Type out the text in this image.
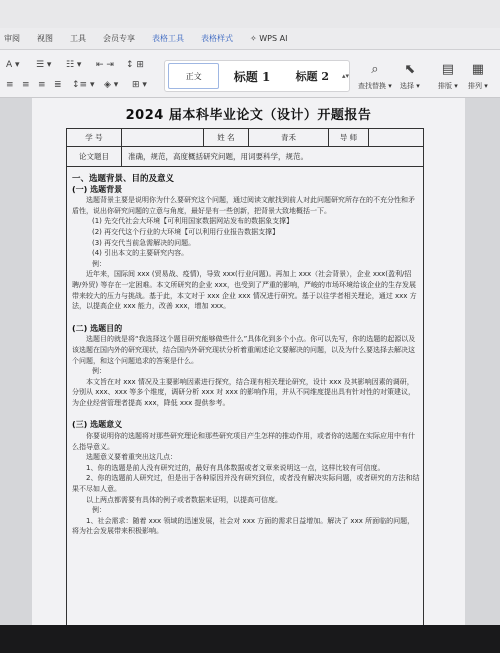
审阅 视图 工具 会员专享 表格工具 表格样式 ✧ WPS AI
A ▾ ☰ ▾ ☷ ▾ ⇤ ⇥ ↕ ⊞
≡ ≡ ≡ ≣ ↕≡ ▾ ◈ ▾ ⊞ ▾
正文	标题 1	标题 2	▴▾	⌕
查找替换 ▾
⬉
选择 ▾
▤
排版 ▾
▦
排列 ▾
2024 届本科毕业论文（设计）开题报告
学 号	姓 名	青禾	导 师
论文题目	准确，规范，高度概括研究问题，用词要科学，规范。

一、选题背景、目的及意义

(一) 选题背景

选题背景主要是说明你为什么要研究这个问题，通过阅读文献找到前人对此问题研究所存在的不充分性和矛盾性，说出你研究问题的立意与角度，最好是有一些创新，把背景大致地概括一下。

(1) 先交代社会大环境【可利用国家数据网站发布的数据象支撑】

(2) 再交代这个行业的大环境【可以利用行业报告数据支撑】

(3) 再交代当前急需解决的问题。

(4) 引出本文的主要研究内容。

例：

近年来，国际间 xxx (贸易战、疫情)，导致 xxx(行业问题)。再加上 xxx（社会背景），企业 xxx(盈利/招聘/外贸) 等存在一定困难。本文所研究的企业 xxx，也受到了严重的影响，严峻的市场环境给该企业的生存发展带来较大的压力与挑战。基于此，本文对于 xxx 企业 xxx 情况进行研究。基于以往学者相关理论，通过 xxx 方法，以提高企业 xxx 能力，改善 xxx，增加 xxx。

(二) 选题目的

选题目的就是将“我选择这个题目研究能够做些什么”具体化到多个小点。你可以先写，你的选题的起源以及该选题在国内外的研究现状，结合国内外研究现状分析着重阐述论文要解决的问题，以及为什么要选择去解决这个问题，和这个问题追求的答案是什么。

例：

本文旨在对 xxx 情况及主要影响因素进行探究，结合现有相关理论研究，设计 xxx 及其影响因素的调研，分别从 xxx、xxx 等多个维度，调研分析 xxx 对 xxx 的影响作用，并从不同维度提出具有针对性的对策建议，为企业经营管理者提高 xxx，降低 xxx 提供参考。

(三) 选题意义

你要说明你的选题将对那些研究理论和那些研究项目产生怎样的推动作用，或者你的选题在实际应用中有什么指导意义。

选题意义要着重突出这几点：

1、你的选题是前人没有研究过的，最好有具体数据或者文章来说明这一点，这样比较有可信度。

2、你的选题前人研究过，但是出于各种原因并没有研究到位，或者没有解决实际问题，或者研究的方法和结果不尽如人意。

以上两点都需要有具体的例子或者数据来证明，以提高可信度。

例：

1、社会需求：随着 xxx 领域的迅速发展，社会对 xxx 方面的需求日益增加。解决了 xxx 所面临的问题，将为社会发展带来积极影响。
